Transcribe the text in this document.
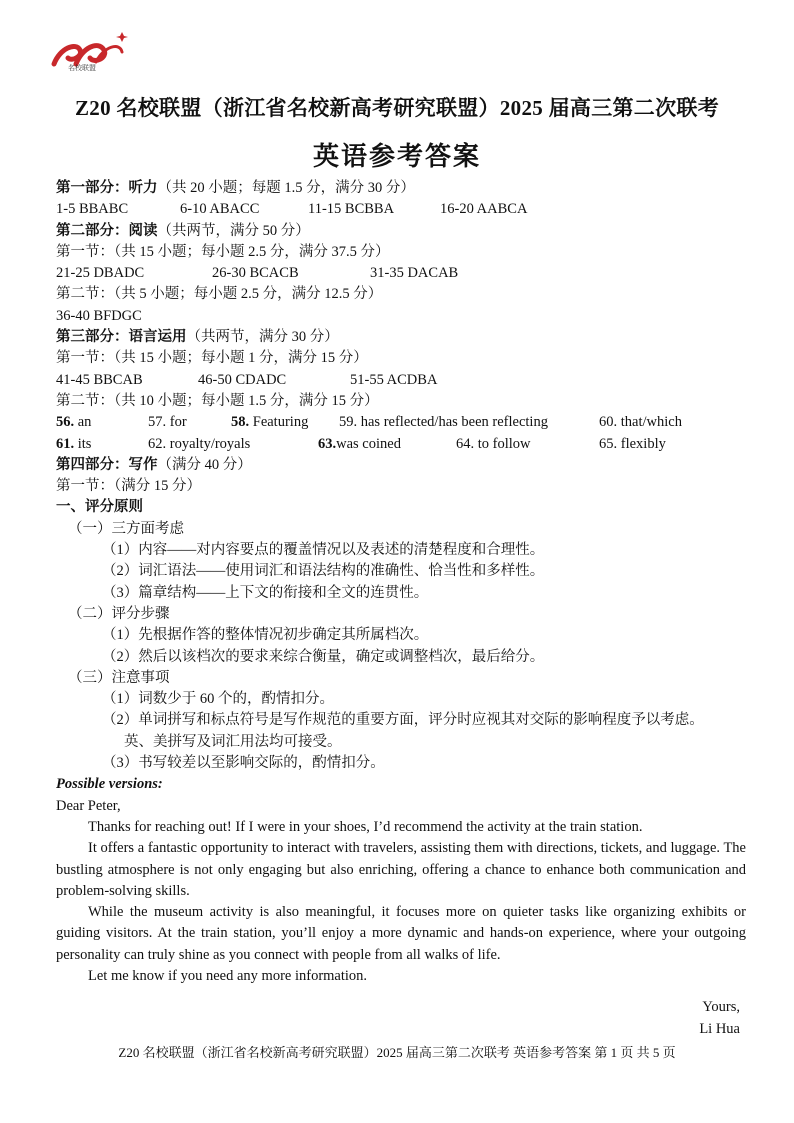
名校联盟
Z20 名校联盟（浙江省名校新高考研究联盟）2025 届高三第二次联考
英语参考答案
第一部分：听力（共 20 小题；每题 1.5 分，满分 30 分）
1-5 BBABC	6-10 ABACC	11-15 BCBBA	16-20 AABCA
第二部分：阅读（共两节，满分 50 分）
第一节：（共 15 小题；每小题 2.5 分，满分 37.5 分）
21-25 DBADC	26-30 BCACB	31-35 DACAB
第二节：（共 5 小题；每小题 2.5 分，满分 12.5 分）
36-40 BFDGC
第三部分：语言运用（共两节，满分 30 分）
第一节：（共 15 小题；每小题 1 分，满分 15 分）
41-45 BBCAB	46-50 CDADC	51-55 ACDBA
第二节：（共 10 小题；每小题 1.5 分，满分 15 分）
56. an	57. for	58. Featuring 59. has reflected/has been reflecting	60. that/which
61. its	62. royalty/royals	63.was coined	64. to follow	65. flexibly
第四部分：写作（满分 40 分）
第一节：（满分 15 分）
一、评分原则
（一）三方面考虑
（1）内容——对内容要点的覆盖情况以及表述的清楚程度和合理性。
（2）词汇语法——使用词汇和语法结构的准确性、恰当性和多样性。
（3）篇章结构——上下文的衔接和全文的连贯性。
（二）评分步骤
（1）先根据作答的整体情况初步确定其所属档次。
（2）然后以该档次的要求来综合衡量，确定或调整档次，最后给分。
（三）注意事项
（1）词数少于 60 个的，酌情扣分。
（2）单词拼写和标点符号是写作规范的重要方面，评分时应视其对交际的影响程度予以考虑。
英、美拼写及词汇用法均可接受。
（3）书写较差以至影响交际的，酌情扣分。
Possible versions:
Dear Peter,
Thanks for reaching out! If I were in your shoes, I’d recommend the activity at the train station.
It offers a fantastic opportunity to interact with travelers, assisting them with directions, tickets, and luggage. The bustling atmosphere is not only engaging but also enriching, offering a chance to enhance both communication and problem-solving skills.
While the museum activity is also meaningful, it focuses more on quieter tasks like organizing exhibits or guiding visitors. At the train station, you’ll enjoy a more dynamic and hands-on experience, where your outgoing personality can truly shine as you connect with people from all walks of life.
Let me know if you need any more information.
Yours,
Li Hua
Z20 名校联盟（浙江省名校新高考研究联盟）2025 届高三第二次联考 英语参考答案 第 1 页 共 5 页
